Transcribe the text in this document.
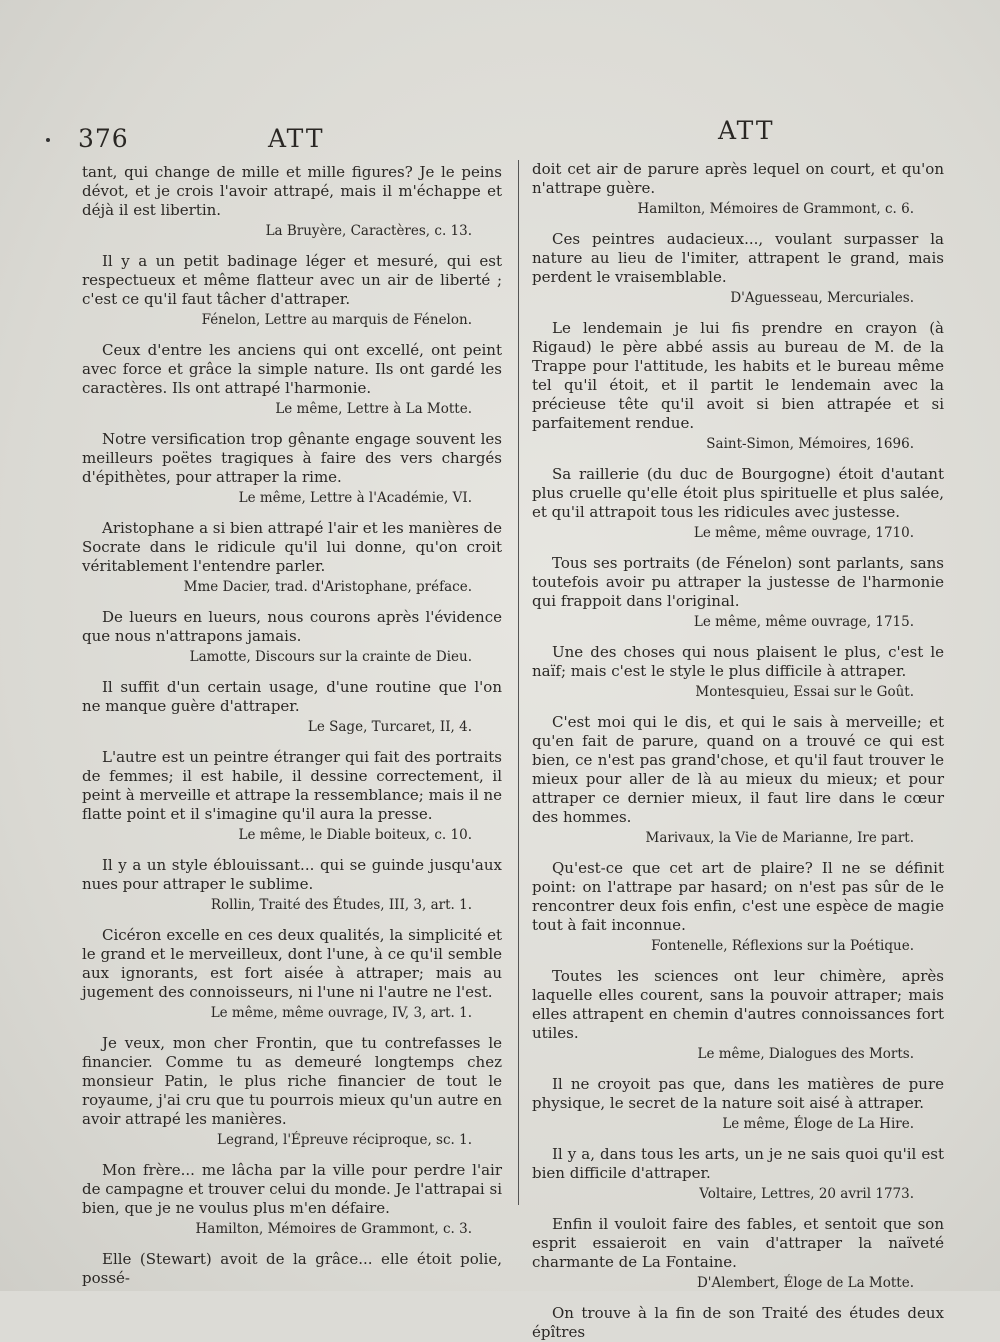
376	ATT	ATT

tant, qui change de mille et mille figures? Je le peins dévot, et je crois l'avoir attrapé, mais il m'échappe et déjà il est libertin.

La Bruyère, Caractères, c. 13.

Il y a un petit badinage léger et mesuré, qui est respectueux et même flatteur avec un air de liberté ; c'est ce qu'il faut tâcher d'attraper.

Fénelon, Lettre au marquis de Fénelon.

Ceux d'entre les anciens qui ont excellé, ont peint avec force et grâce la simple nature. Ils ont gardé les caractères. Ils ont attrapé l'harmonie.

Le même, Lettre à La Motte.

Notre versification trop gênante engage souvent les meilleurs poëtes tragiques à faire des vers chargés d'épithètes, pour attraper la rime.

Le même, Lettre à l'Académie, VI.

Aristophane a si bien attrapé l'air et les manières de Socrate dans le ridicule qu'il lui donne, qu'on croit véritablement l'entendre parler.

Mme Dacier, trad. d'Aristophane, préface.

De lueurs en lueurs, nous courons après l'évidence que nous n'attrapons jamais.

Lamotte, Discours sur la crainte de Dieu.

Il suffit d'un certain usage, d'une routine que l'on ne manque guère d'attraper.

Le Sage, Turcaret, II, 4.

L'autre est un peintre étranger qui fait des portraits de femmes; il est habile, il dessine correctement, il peint à merveille et attrape la ressemblance; mais il ne flatte point et il s'imagine qu'il aura la presse.

Le même, le Diable boiteux, c. 10.

Il y a un style éblouissant... qui se guinde jusqu'aux nues pour attraper le sublime.

Rollin, Traité des Études, III, 3, art. 1.

Cicéron excelle en ces deux qualités, la simplicité et le grand et le merveilleux, dont l'une, à ce qu'il semble aux ignorants, est fort aisée à attraper; mais au jugement des connoisseurs, ni l'une ni l'autre ne l'est.

Le même, même ouvrage, IV, 3, art. 1.

Je veux, mon cher Frontin, que tu contrefasses le financier. Comme tu as demeuré longtemps chez monsieur Patin, le plus riche financier de tout le royaume, j'ai cru que tu pourrois mieux qu'un autre en avoir attrapé les manières.

Legrand, l'Épreuve réciproque, sc. 1.

Mon frère... me lâcha par la ville pour perdre l'air de campagne et trouver celui du monde. Je l'attrapai si bien, que je ne voulus plus m'en défaire.

Hamilton, Mémoires de Grammont, c. 3.

Elle (Stewart) avoit de la grâce... elle étoit polie, possé-

doit cet air de parure après lequel on court, et qu'on n'attrape guère.

Hamilton, Mémoires de Grammont, c. 6.

Ces peintres audacieux..., voulant surpasser la nature au lieu de l'imiter, attrapent le grand, mais perdent le vraisemblable.

D'Aguesseau, Mercuriales.

Le lendemain je lui fis prendre en crayon (à Rigaud) le père abbé assis au bureau de M. de la Trappe pour l'attitude, les habits et le bureau même tel qu'il étoit, et il partit le lendemain avec la précieuse tête qu'il avoit si bien attrapée et si parfaitement rendue.

Saint-Simon, Mémoires, 1696.

Sa raillerie (du duc de Bourgogne) étoit d'autant plus cruelle qu'elle étoit plus spirituelle et plus salée, et qu'il attrapoit tous les ridicules avec justesse.

Le même, même ouvrage, 1710.

Tous ses portraits (de Fénelon) sont parlants, sans toutefois avoir pu attraper la justesse de l'harmonie qui frappoit dans l'original.

Le même, même ouvrage, 1715.

Une des choses qui nous plaisent le plus, c'est le naïf; mais c'est le style le plus difficile à attraper.

Montesquieu, Essai sur le Goût.

C'est moi qui le dis, et qui le sais à merveille; et qu'en fait de parure, quand on a trouvé ce qui est bien, ce n'est pas grand'chose, et qu'il faut trouver le mieux pour aller de là au mieux du mieux; et pour attraper ce dernier mieux, il faut lire dans le cœur des hommes.

Marivaux, la Vie de Marianne, Ire part.

Qu'est-ce que cet art de plaire? Il ne se définit point: on l'attrape par hasard; on n'est pas sûr de le rencontrer deux fois enfin, c'est une espèce de magie tout à fait inconnue.

Fontenelle, Réflexions sur la Poétique.

Toutes les sciences ont leur chimère, après laquelle elles courent, sans la pouvoir attraper; mais elles attrapent en chemin d'autres connoissances fort utiles.

Le même, Dialogues des Morts.

Il ne croyoit pas que, dans les matières de pure physique, le secret de la nature soit aisé à attraper.

Le même, Éloge de La Hire.

Il y a, dans tous les arts, un je ne sais quoi qu'il est bien difficile d'attraper.

Voltaire, Lettres, 20 avril 1773.

Enfin il vouloit faire des fables, et sentoit que son esprit essaieroit en vain d'attraper la naïveté charmante de La Fontaine.

D'Alembert, Éloge de La Motte.

On trouve à la fin de son Traité des études deux épîtres
